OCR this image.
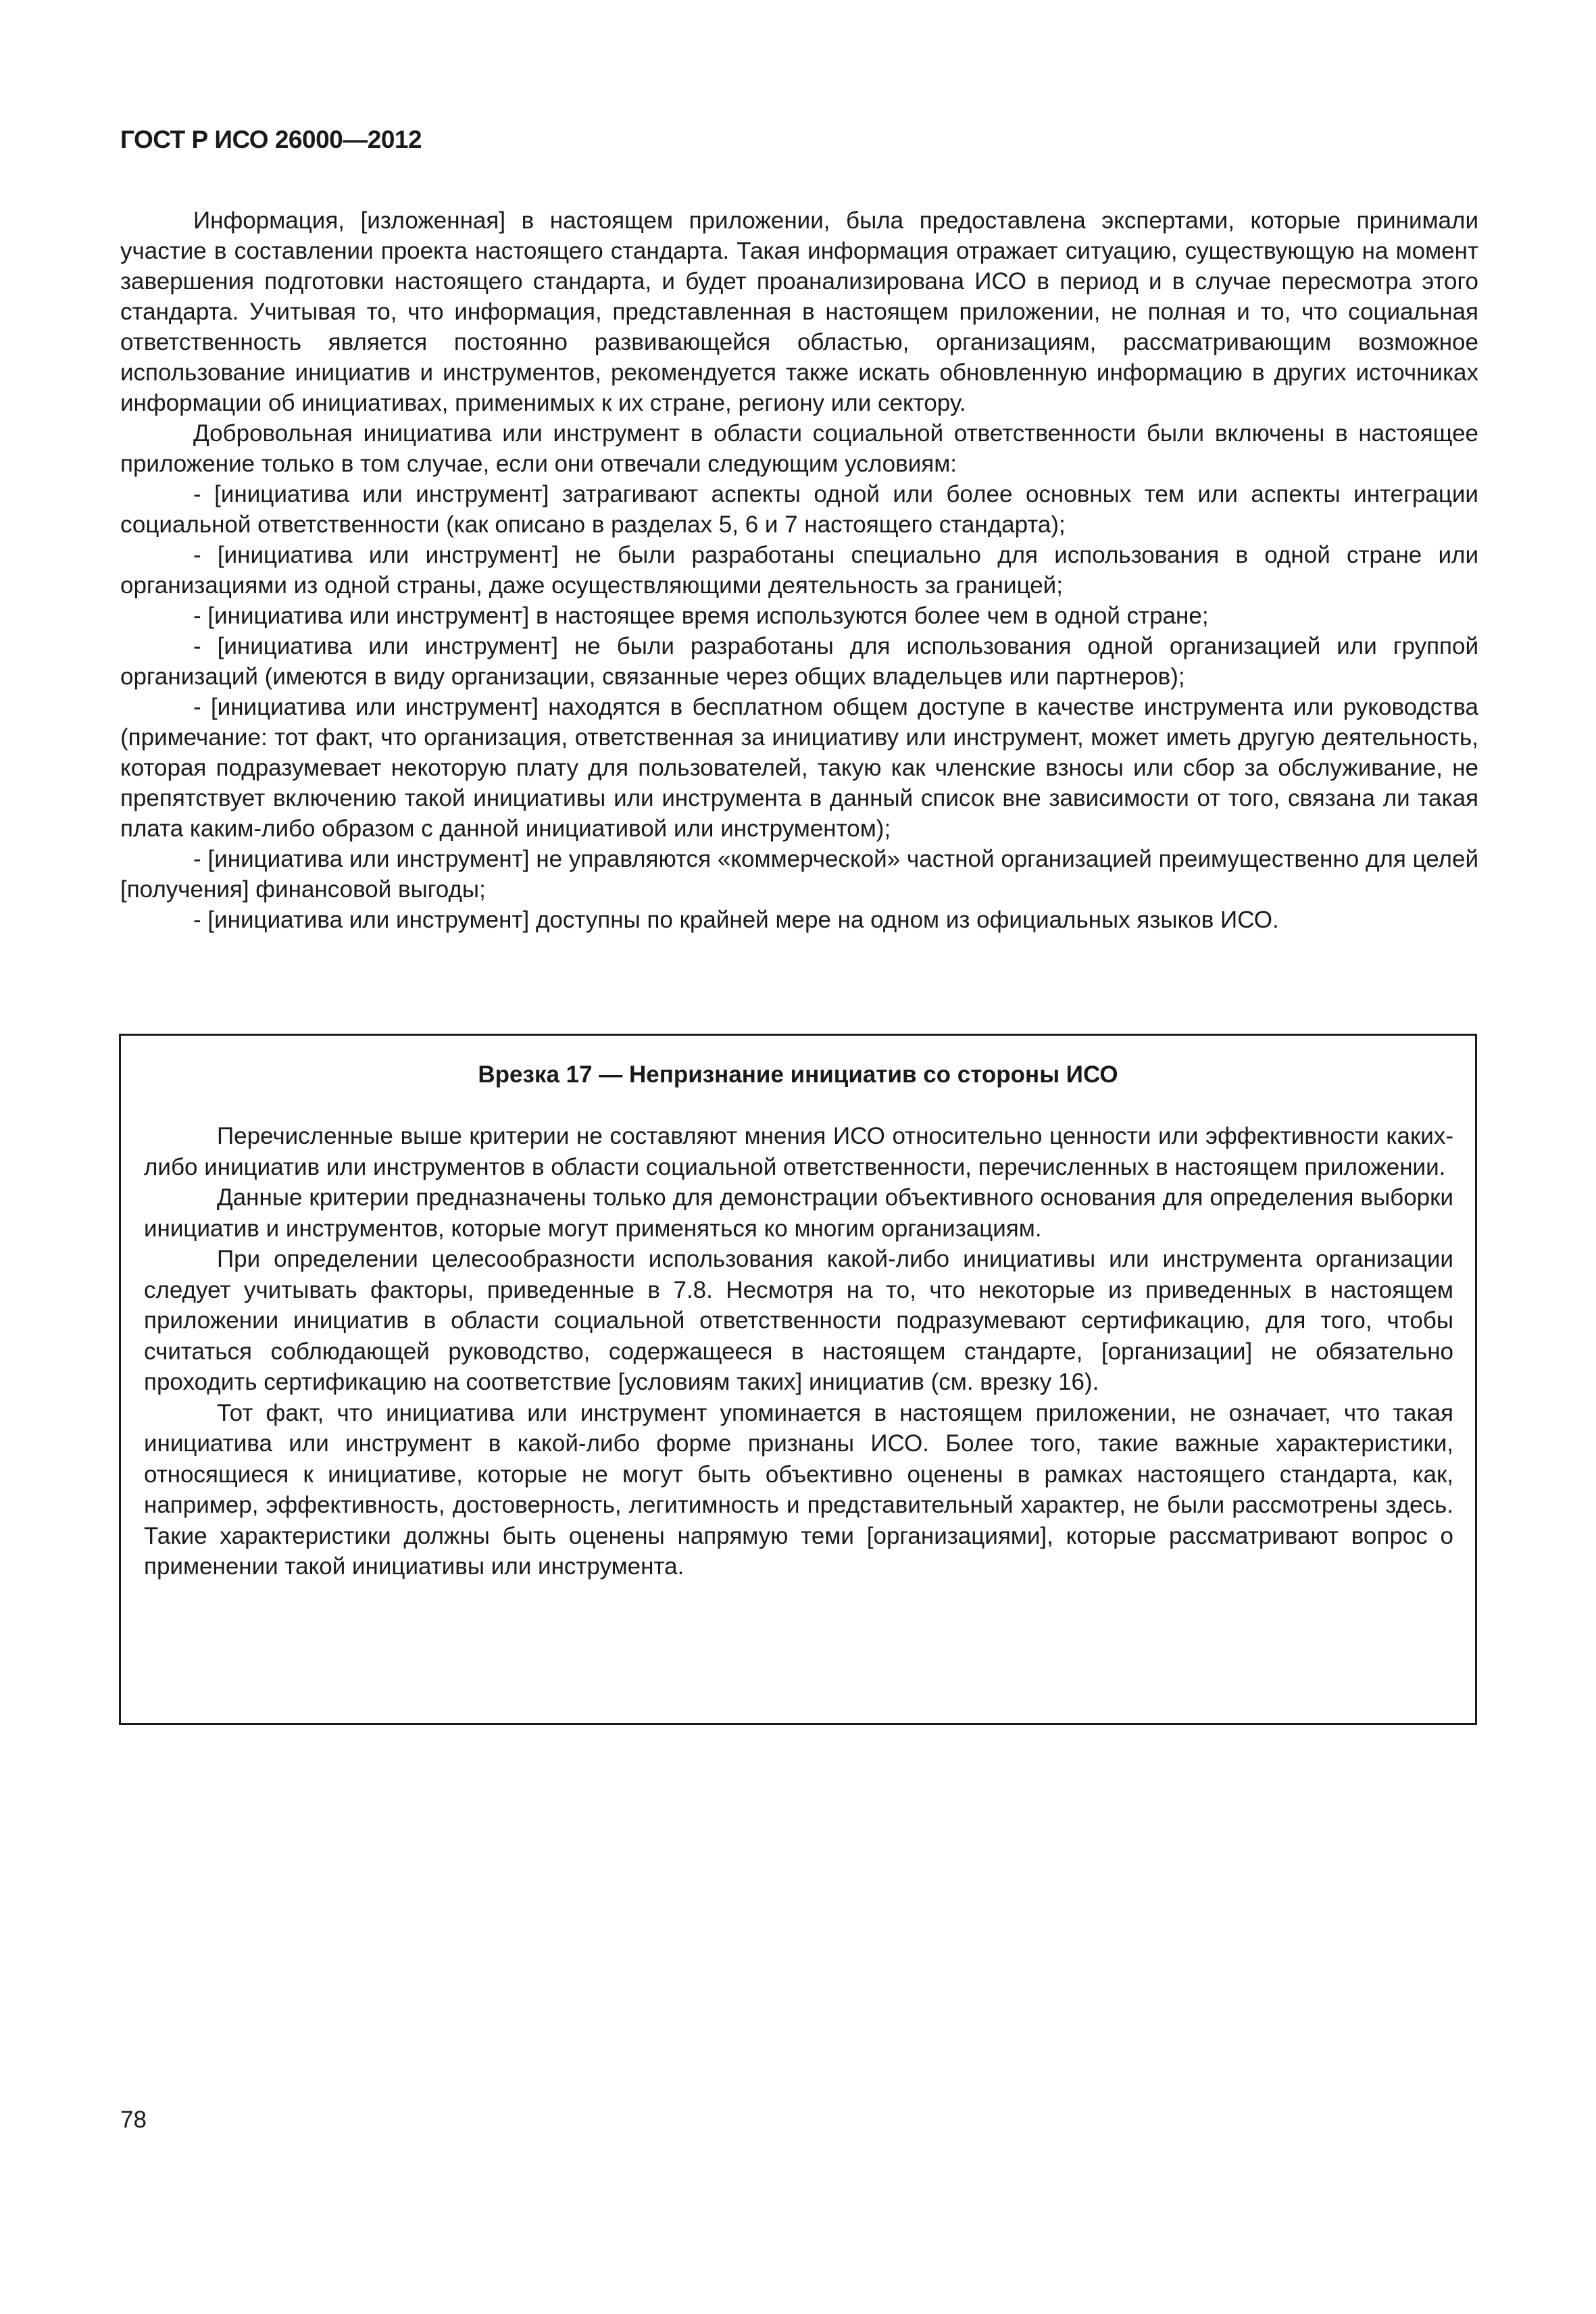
ГОСТ Р ИСО 26000—2012

Информация, [изложенная] в настоящем приложении, была предоставлена экспертами, которые принимали участие в составлении проекта настоящего стандарта. Такая информация отражает ситуацию, существующую на момент завершения подготовки настоящего стандарта, и будет проанализирована ИСО в период и в случае пересмотра этого стандарта. Учитывая то, что информация, представленная в настоящем приложении, не полная и то, что социальная ответственность является постоянно развивающейся областью, организациям, рассматривающим возможное использование инициатив и инструментов, рекомендуется также искать обновленную информацию в других источниках информации об инициативах, применимых к их стране, региону или сектору.

Добровольная инициатива или инструмент в области социальной ответственности были включены в настоящее приложение только в том случае, если они отвечали следующим условиям:

- [инициатива или инструмент] затрагивают аспекты одной или более основных тем или аспекты интеграции социальной ответственности (как описано в разделах 5, 6 и 7 настоящего стандарта);

- [инициатива или инструмент] не были разработаны специально для использования в одной стране или организациями из одной страны, даже осуществляющими деятельность за границей;

- [инициатива или инструмент] в настоящее время используются более чем в одной стране;

- [инициатива или инструмент] не были разработаны для использования одной организацией или группой организаций (имеются в виду организации, связанные через общих владельцев или партнеров);

- [инициатива или инструмент] находятся в бесплатном общем доступе в качестве инструмента или руководства (примечание: тот факт, что организация, ответственная за инициативу или инструмент, может иметь другую деятельность, которая подразумевает некоторую плату для пользователей, такую как членские взносы или сбор за обслуживание, не препятствует включению такой инициативы или инструмента в данный список вне зависимости от того, связана ли такая плата каким-либо образом с данной инициативой или инструментом);

- [инициатива или инструмент] не управляются «коммерческой» частной организацией преимущественно для целей [получения] финансовой выгоды;

- [инициатива или инструмент] доступны по крайней мере на одном из официальных языков ИСО.

Врезка 17 — Непризнание инициатив со стороны ИСО

Перечисленные выше критерии не составляют мнения ИСО относительно ценности или эффективности каких-либо инициатив или инструментов в области социальной ответственности, перечисленных в настоящем приложении.

Данные критерии предназначены только для демонстрации объективного основания для определения выборки инициатив и инструментов, которые могут применяться ко многим организациям.

При определении целесообразности использования какой-либо инициативы или инструмента организации следует учитывать факторы, приведенные в 7.8. Несмотря на то, что некоторые из приведенных в настоящем приложении инициатив в области социальной ответственности подразумевают сертификацию, для того, чтобы считаться соблюдающей руководство, содержащееся в настоящем стандарте, [организации] не обязательно проходить сертификацию на соответствие [условиям таких] инициатив (см. врезку 16).

Тот факт, что инициатива или инструмент упоминается в настоящем приложении, не означает, что такая инициатива или инструмент в какой-либо форме признаны ИСО. Более того, такие важные характеристики, относящиеся к инициативе, которые не могут быть объективно оценены в рамках настоящего стандарта, как, например, эффективность, достоверность, легитимность и представительный характер, не были рассмотрены здесь. Такие характеристики должны быть оценены напрямую теми [организациями], которые рассматривают вопрос о применении такой инициативы или инструмента.

78
